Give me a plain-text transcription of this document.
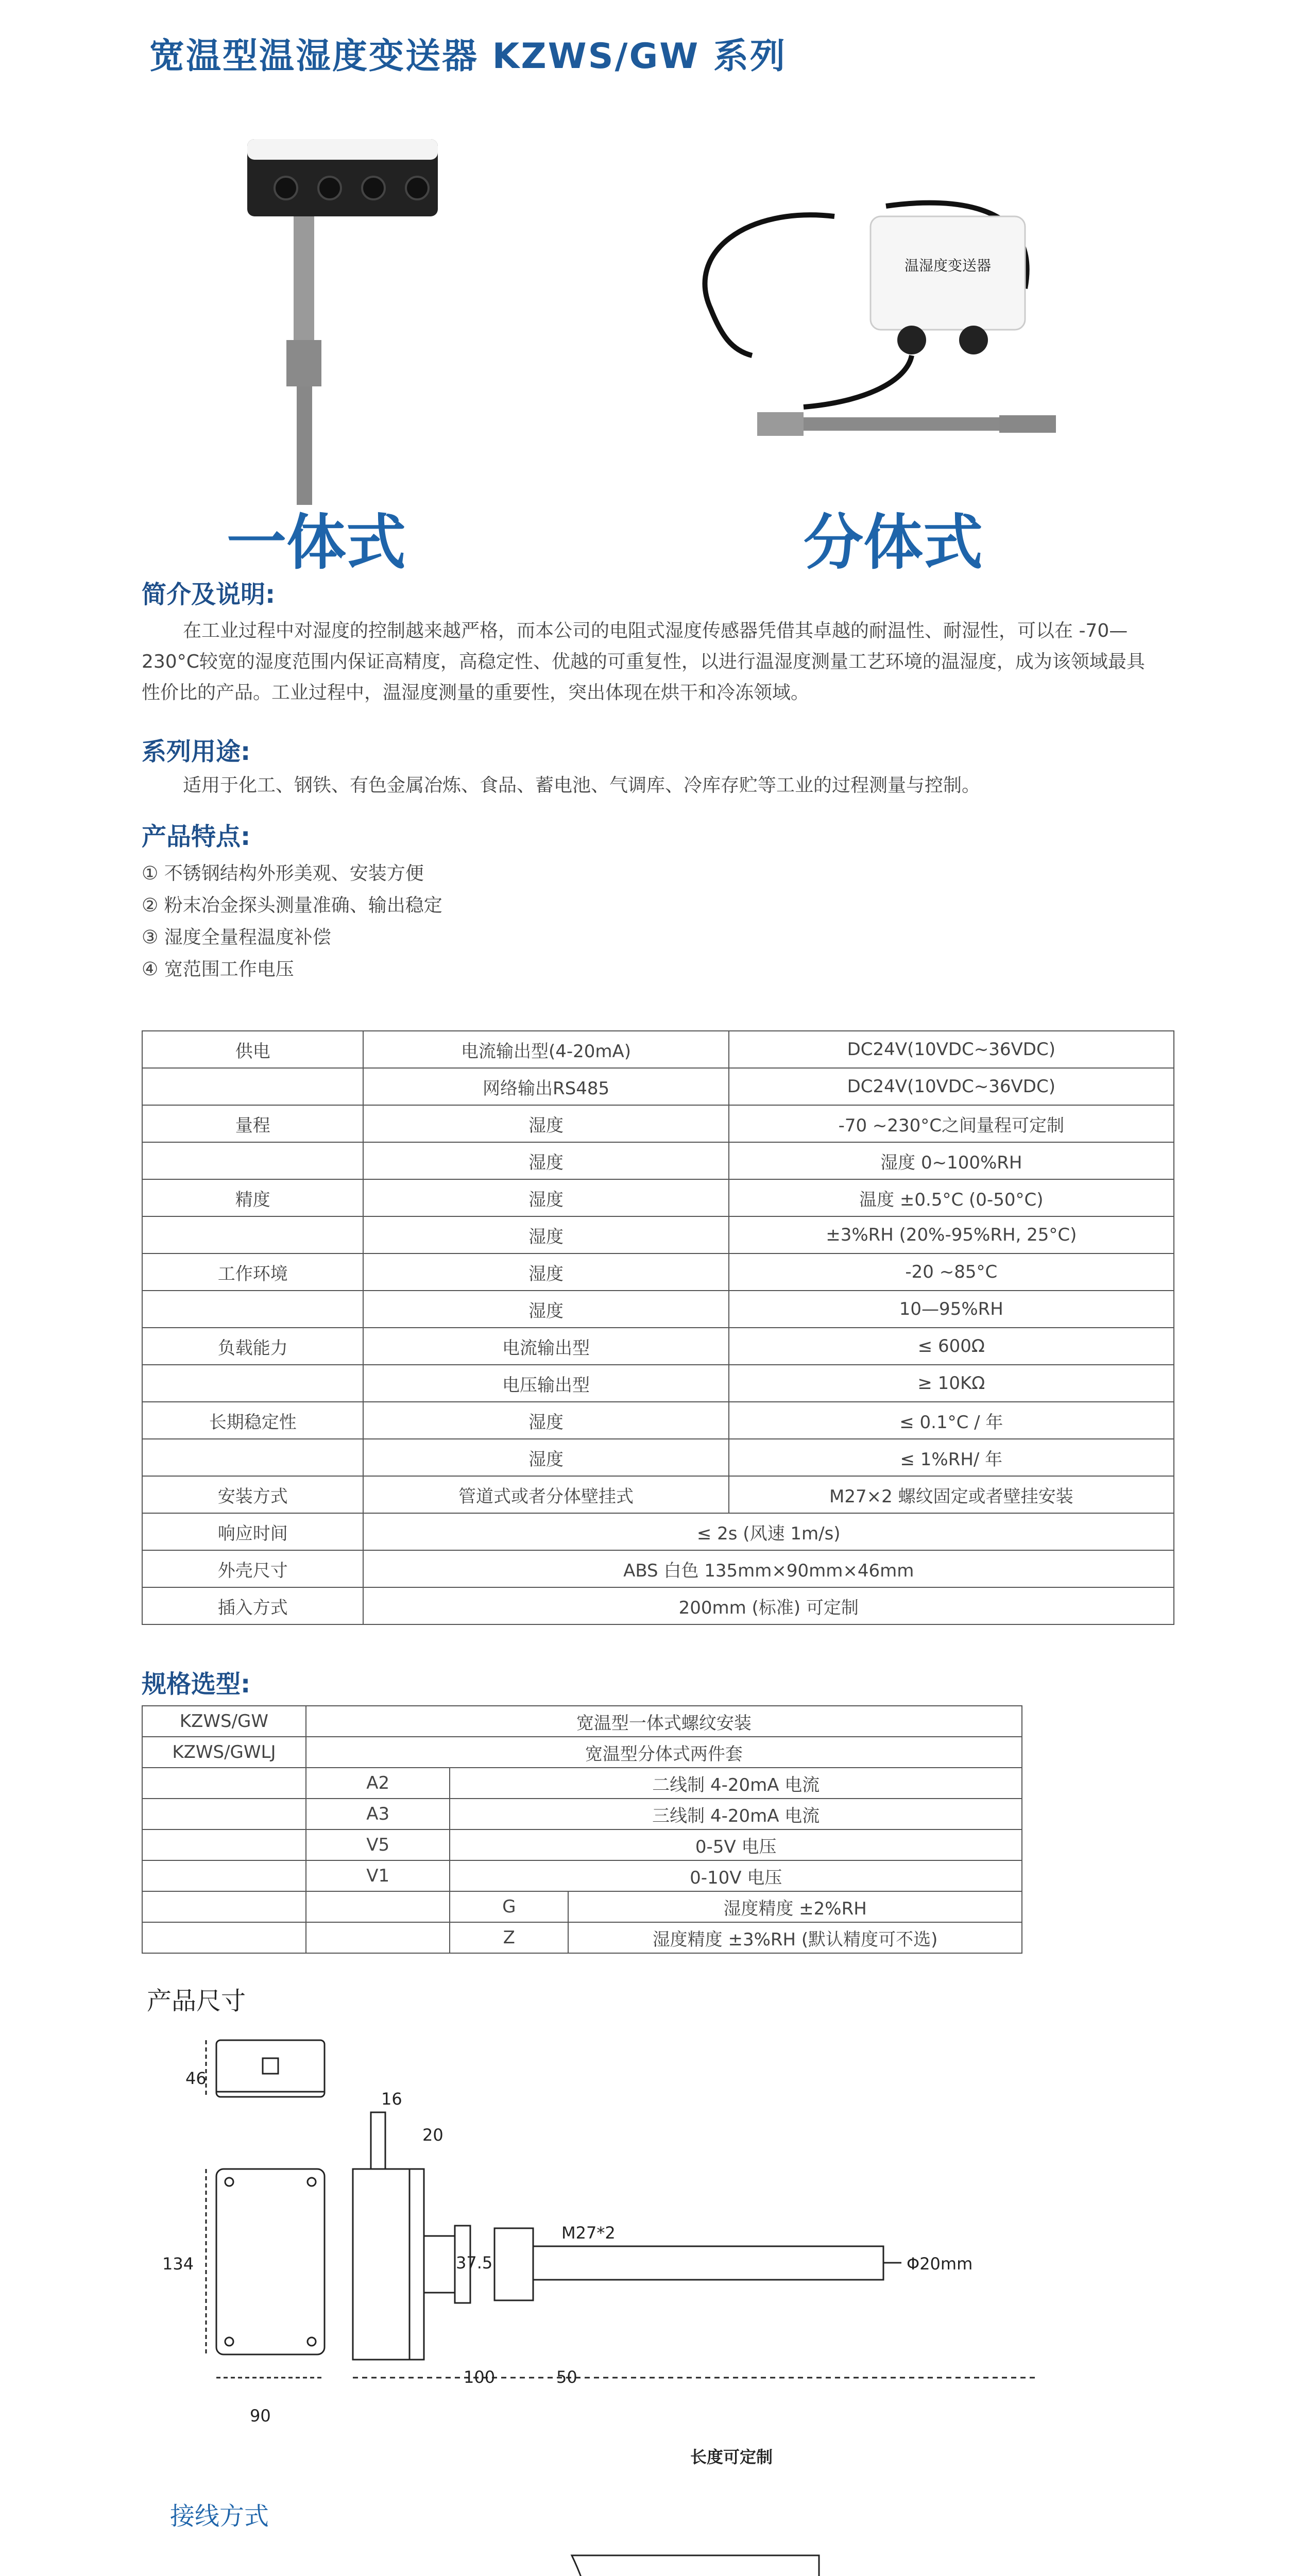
宽温型温湿度变送器 KZWS/GW 系列
温湿度变送器
一体式	分体式
简介及说明:
在工业过程中对湿度的控制越来越严格，而本公司的电阻式湿度传感器凭借其卓越的耐温性、耐湿性，可以在 -70—230°C较宽的湿度范围内保证高精度，高稳定性、优越的可重复性，以进行温湿度测量工艺环境的温湿度，成为该领域最具性价比的产品。工业过程中，温湿度测量的重要性，突出体现在烘干和冷冻领域。
系列用途:
适用于化工、钢铁、有色金属冶炼、食品、蓄电池、气调库、冷库存贮等工业的过程测量与控制。
产品特点:
① 不锈钢结构外形美观、安装方便
② 粉末冶金探头测量准确、输出稳定
③ 湿度全量程温度补偿
④ 宽范围工作电压
供电	电流输出型(4-20mA)	DC24V(10VDC~36VDC)
	网络输出RS485	DC24V(10VDC~36VDC)
量程	湿度	-70 ~230°C之间量程可定制
	湿度	湿度 0~100%RH
精度	湿度	温度 ±0.5°C (0-50°C)
	湿度	±3%RH (20%-95%RH, 25°C)
工作环境	湿度	-20 ~85°C
	湿度	10—95%RH
负载能力	电流输出型	≤ 600Ω
	电压输出型	≥ 10KΩ
长期稳定性	湿度	≤ 0.1°C / 年
	湿度	≤ 1%RH/ 年
安装方式	管道式或者分体壁挂式	M27×2 螺纹固定或者壁挂安装
响应时间	≤ 2s (风速 1m/s)	
外壳尺寸	ABS 白色 135mm×90mm×46mm	
插入方式	200mm (标准) 可定制	
规格选型:
KZWS/GW	宽温型一体式螺纹安装		
KZWS/GWLJ	宽温型分体式两件套		
	A2	二线制 4-20mA 电流	
	A3	三线制 4-20mA 电流	
	V5	0-5V 电压	
	V1	0-10V 电压	
		G	湿度精度 ±2%RH
		Z	湿度精度 ±3%RH (默认精度可不选)
产品尺寸
46
134
90
16
20
37.5
100	50
M27*2
Φ20mm
长度可定制
接线方式
